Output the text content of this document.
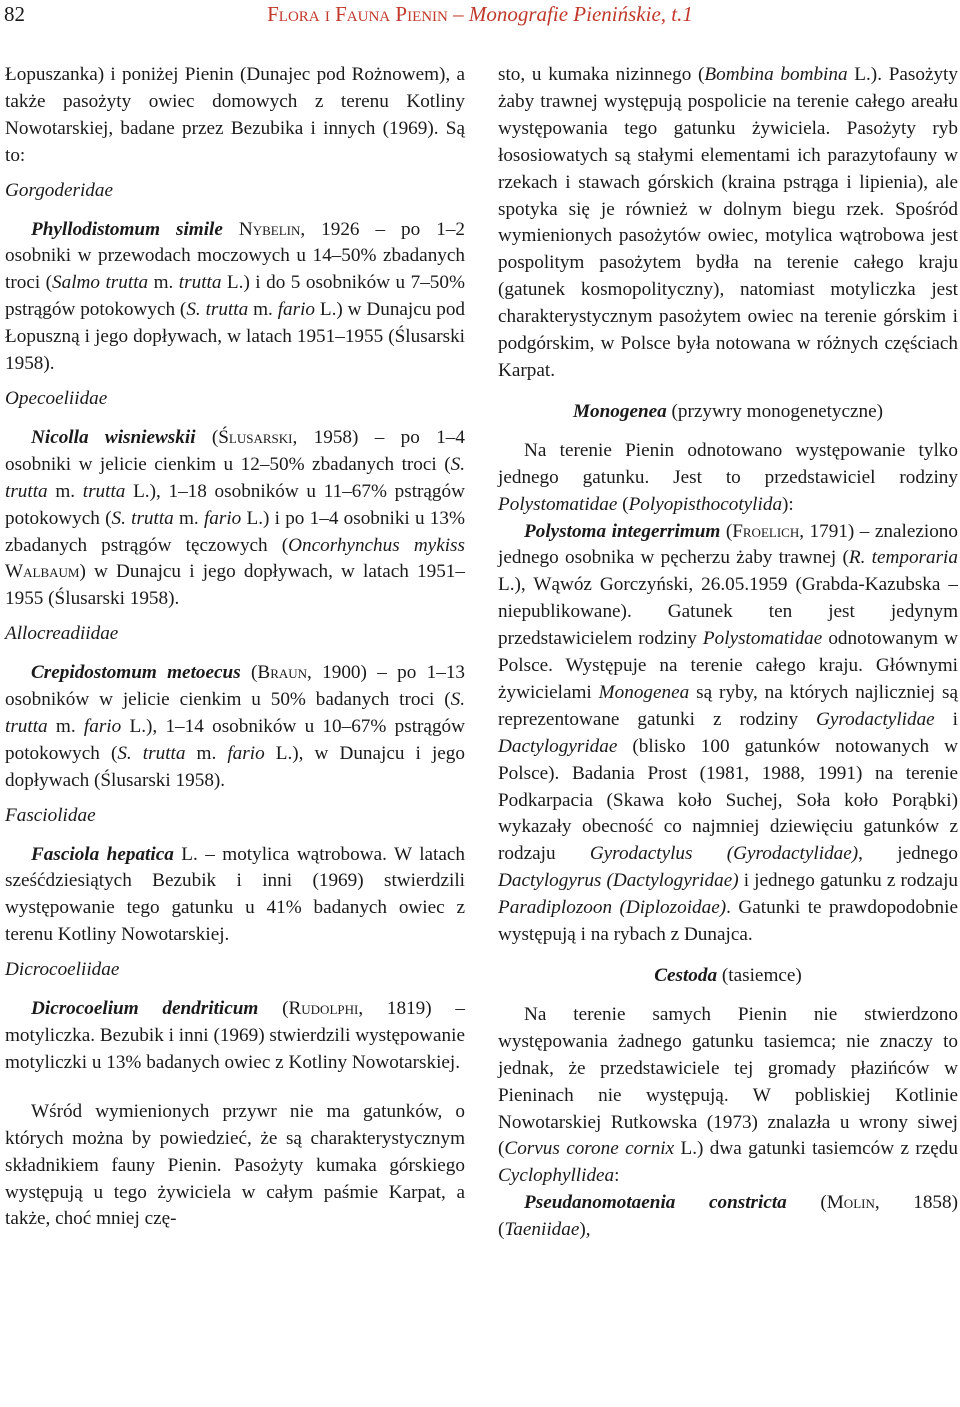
82	Flora i Fauna Pienin – Monografie Pienińskie, t.1

Łopuszanka) i poniżej Pienin (Dunajec pod Rożnowem), a także pasożyty owiec domowych z terenu Kotliny Nowotarskiej, badane przez Bezubika i innych (1969). Są to:

Gorgoderidae

Phyllodistomum simile Nybelin, 1926 – po 1–2 osobniki w przewodach moczowych u 14–50% zbadanych troci (Salmo trutta m. trutta L.) i do 5 osobników u 7–50% pstrągów potokowych (S. trutta m. fario L.) w Dunajcu pod Łopuszną i jego dopływach, w latach 1951–1955 (Ślusarski 1958).

Opecoeliidae

Nicolla wisniewskii (Ślusarski, 1958) – po 1–4 osobniki w jelicie cienkim u 12–50% zbadanych troci (S. trutta m. trutta L.), 1–18 osobników u 11–67% pstrągów potokowych (S. trutta m. fario L.) i po 1–4 osobniki u 13% zbadanych pstrągów tęczowych (Oncorhynchus mykiss Walbaum) w Dunajcu i jego dopływach, w latach 1951–1955 (Ślusarski 1958).

Allocreadiidae

Crepidostomum metoecus (Braun, 1900) – po 1–13 osobników w jelicie cienkim u 50% badanych troci (S. trutta m. fario L.), 1–14 osobników u 10–67% pstrągów potokowych (S. trutta m. fario L.), w Dunajcu i jego dopływach (Ślusarski 1958).

Fasciolidae

Fasciola hepatica L. – motylica wątrobowa. W latach sześćdziesiątych Bezubik i inni (1969) stwierdzili występowanie tego gatunku u 41% badanych owiec z terenu Kotliny Nowotarskiej.

Dicrocoeliidae

Dicrocoelium dendriticum (Rudolphi, 1819) – motyliczka. Bezubik i inni (1969) stwierdzili występowanie motyliczki u 13% badanych owiec z Kotliny Nowotarskiej.

Wśród wymienionych przywr nie ma gatunków, o których można by powiedzieć, że są charakterystycznym składnikiem fauny Pienin. Pasożyty kumaka górskiego występują u tego żywiciela w całym paśmie Karpat, a także, choć mniej czę-

sto, u kumaka nizinnego (Bombina bombina L.). Pasożyty żaby trawnej występują pospolicie na terenie całego areału występowania tego gatunku żywiciela. Pasożyty ryb łososiowatych są stałymi elementami ich parazytofauny w rzekach i stawach górskich (kraina pstrąga i lipienia), ale spotyka się je również w dolnym biegu rzek. Spośród wymienionych pasożytów owiec, motylica wątrobowa jest pospolitym pasożytem bydła na terenie całego kraju (gatunek kosmopolityczny), natomiast motyliczka jest charakterystycznym pasożytem owiec na terenie górskim i podgórskim, w Polsce była notowana w różnych częściach Karpat.

Monogenea (przywry monogenetyczne)

Na terenie Pienin odnotowano występowanie tylko jednego gatunku. Jest to przedstawiciel rodziny Polystomatidae (Polyopisthocotylida):

Polystoma integerrimum (Froelich, 1791) – znaleziono jednego osobnika w pęcherzu żaby trawnej (R. temporaria L.), Wąwóz Gorczyński, 26.05.1959 (Grabda-Kazubska – niepublikowane). Gatunek ten jest jedynym przedstawicielem rodziny Polystomatidae odnotowanym w Polsce. Występuje na terenie całego kraju. Głównymi żywicielami Monogenea są ryby, na których najliczniej są reprezentowane gatunki z rodziny Gyrodactylidae i Dactylogyridae (blisko 100 gatunków notowanych w Polsce). Badania Prost (1981, 1988, 1991) na terenie Podkarpacia (Skawa koło Suchej, Soła koło Porąbki) wykazały obecność co najmniej dziewięciu gatunków z rodzaju Gyrodactylus (Gyrodactylidae), jednego Dactylogyrus (Dactylogyridae) i jednego gatunku z rodzaju Paradiplozoon (Diplozoidae). Gatunki te prawdopodobnie występują i na rybach z Dunajca.

Cestoda (tasiemce)

Na terenie samych Pienin nie stwierdzono występowania żadnego gatunku tasiemca; nie znaczy to jednak, że przedstawiciele tej gromady płazińców w Pieninach nie występują. W pobliskiej Kotlinie Nowotarskiej Rutkowska (1973) znalazła u wrony siwej (Corvus corone cornix L.) dwa gatunki tasiemców z rzędu Cyclophyllidea:

Pseudanomotaenia constricta (Molin, 1858) (Taeniidae),
